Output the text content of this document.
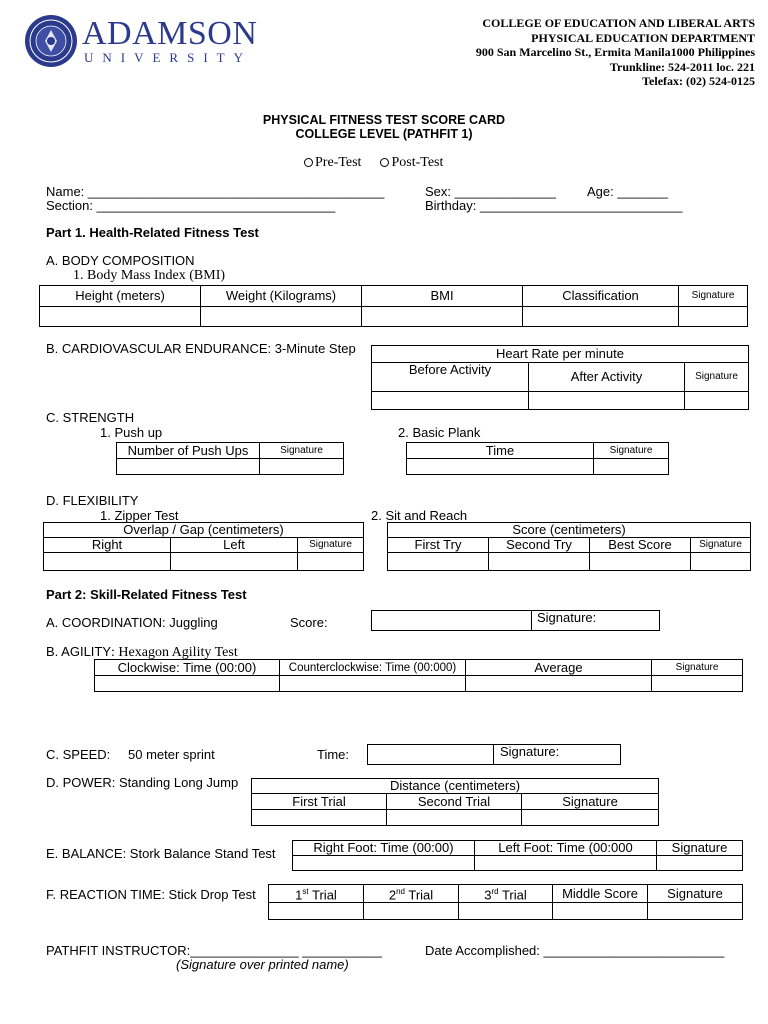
ADAMSON
UNIVERSITY
COLLEGE OF EDUCATION AND LIBERAL ARTS
PHYSICAL EDUCATION DEPARTMENT
900 San Marcelino St., Ermita Manila1000 Philippines
Trunkline: 524-2011 loc. 221
Telefax: (02) 524-0125
PHYSICAL FITNESS TEST SCORE CARD
COLLEGE LEVEL (PATHFIT 1)
Pre-Test Post-Test
Name: _________________________________________	Sex: ______________ Age: _______
Section: _________________________________	Birthday: ____________________________
Part 1. Health-Related Fitness Test
A. BODY COMPOSITION
1. Body Mass Index (BMI)
Height (meters)	Weight (Kilograms)	BMI	Classification	Signature

B. CARDIOVASCULAR ENDURANCE: 3-Minute Step	Heart Rate per minute		
Before Activity	After Activity	Signature

C. STRENGTH
1. Push up	2. Basic Plank
Number of Push Ups	Signature
		Time	Signature

D. FLEXIBILITY
1. Zipper Test	2. Sit and Reach
Overlap / Gap (centimeters)		
Right	Left	Signature

Score (centimeters)			
First Try	Second Try	Best Score	Signature

Part 2: Skill-Related Fitness Test
A. COORDINATION: Juggling	Score:
		Signature:
B. AGILITY: Hexagon Agility Test
Clockwise: Time (00:00)	Counterclockwise: Time (00:000)	Average	Signature

C. SPEED: 50 meter sprint	Time:
		Signature:
D. POWER: Standing Long Jump	Distance (centimeters)		
First Trial	Second Trial	Signature

E. BALANCE: Stork Balance Stand Test	Right Foot: Time (00:00)	Left Foot: Time (00:000	Signature

F. REACTION TIME: Stick Drop Test	1st Trial	2nd Trial	3rd Trial	Middle Score	Signature

PATHFIT INSTRUCTOR:_______________ ___________
(Signature over printed name)
Date Accomplished: _________________________
